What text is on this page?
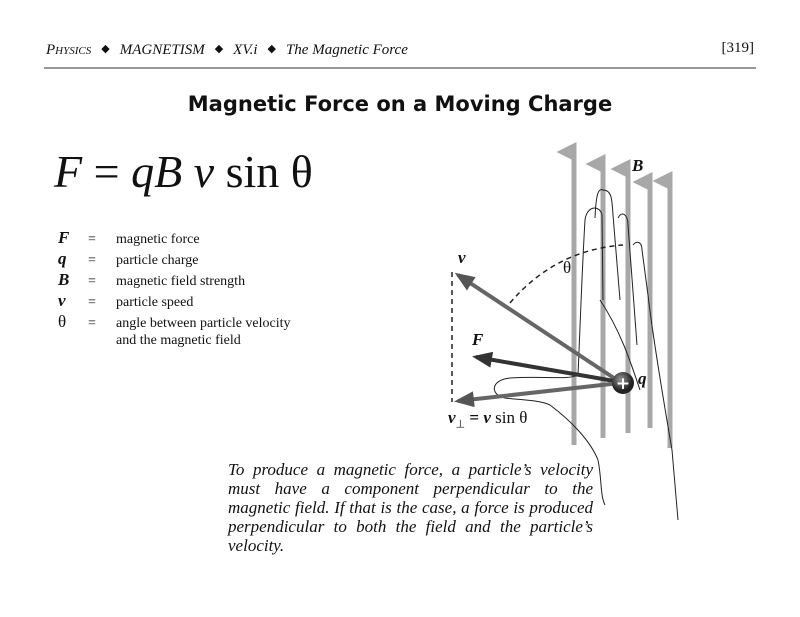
Physics ◆ MAGNETISM ◆ XV.i ◆ The Magnetic Force	[319]
Magnetic Force on a Moving Charge
F = qB v sin θ
F	=	magnetic force
q	=	particle charge
B	=	magnetic field strength
v	=	particle speed
θ	=	angle between particle velocity
and the magnetic field
+
v
F
B
q
θ
$v_\perp = v$ sin θ
To produce a magnetic force, a particle’s velocity must have a component perpendicular to the magnetic field. If that is the case, a force is produced perpendicular to both the field and the particle’s velocity.
